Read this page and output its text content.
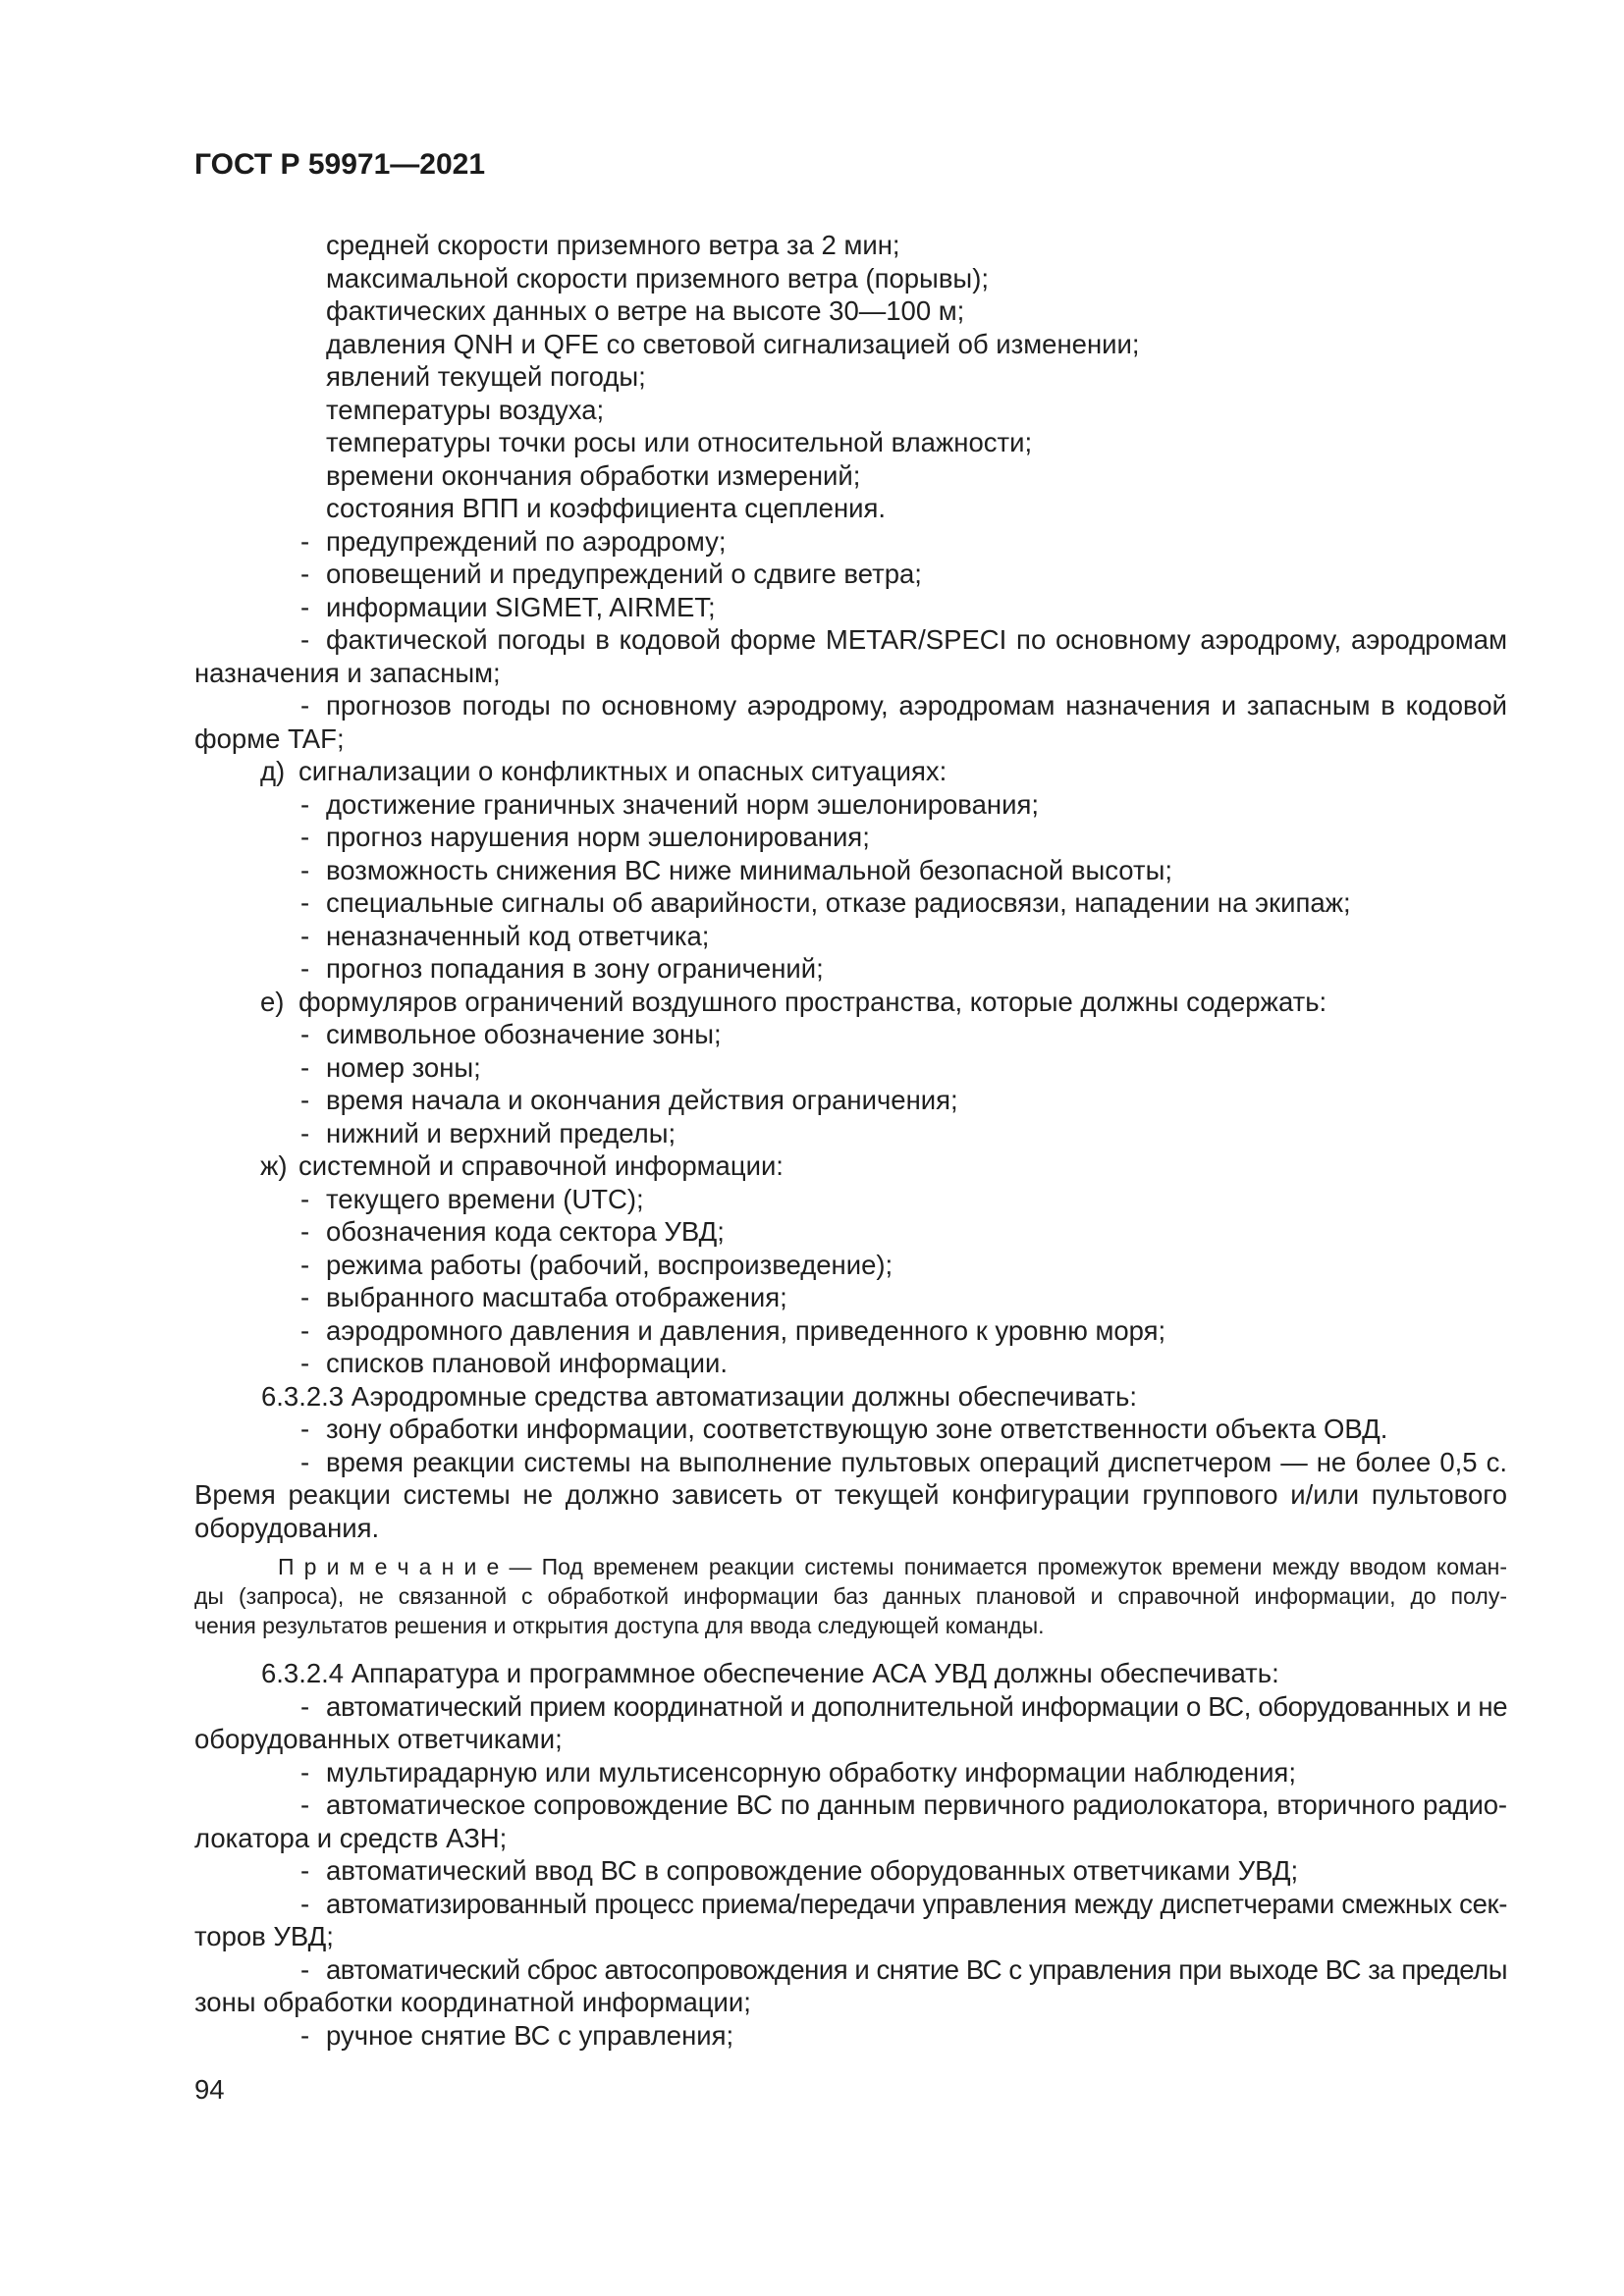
ГОСТ Р 59971—2021
средней скорости приземного ветра за 2 мин;
максимальной скорости приземного ветра (порывы);
фактических данных о ветре на высоте 30—100 м;
давления QNH и QFE со световой сигнализацией об изменении;
явлений текущей погоды;
температуры воздуха;
температуры точки росы или относительной влажности;
времени окончания обработки измерений;
состояния ВПП и коэффициента сцепления.
- предупреждений по аэродрому;
- оповещений и предупреждений о сдвиге ветра;
- информации SIGMET, AIRMET;
- фактической погоды в кодовой форме METAR/SPECI по основному аэродрому, аэродромам
назначения и запасным;
- прогнозов погоды по основному аэродрому, аэродромам назначения и запасным в кодовой
форме TAF;
д) сигнализации о конфликтных и опасных ситуациях:
- достижение граничных значений норм эшелонирования;
- прогноз нарушения норм эшелонирования;
- возможность снижения ВС ниже минимальной безопасной высоты;
- специальные сигналы об аварийности, отказе радиосвязи, нападении на экипаж;
- неназначенный код ответчика;
- прогноз попадания в зону ограничений;
е) формуляров ограничений воздушного пространства, которые должны содержать:
- символьное обозначение зоны;
- номер зоны;
- время начала и окончания действия ограничения;
- нижний и верхний пределы;
ж) системной и справочной информации:
- текущего времени (UTC);
- обозначения кода сектора УВД;
- режима работы (рабочий, воспроизведение);
- выбранного масштаба отображения;
- аэродромного давления и давления, приведенного к уровню моря;
- списков плановой информации.
6.3.2.3 Аэродромные средства автоматизации должны обеспечивать:
- зону обработки информации, соответствующую зоне ответственности объекта ОВД.
- время реакции системы на выполнение пультовых операций диспетчером — не более 0,5 с.
Время реакции системы не должно зависеть от текущей конфигурации группового и/или пультового
оборудования.
П р и м е ч а н и е — Под временем реакции системы понимается промежуток времени между вводом коман-
ды (запроса), не связанной с обработкой информации баз данных плановой и справочной информации, до полу-
чения результатов решения и открытия доступа для ввода следующей команды.
6.3.2.4 Аппаратура и программное обеспечение АСА УВД должны обеспечивать:
- автоматический прием координатной и дополнительной информации о ВС, оборудованных и не
оборудованных ответчиками;
- мультирадарную или мультисенсорную обработку информации наблюдения;
- автоматическое сопровождение ВС по данным первичного радиолокатора, вторичного радио-
локатора и средств АЗН;
- автоматический ввод ВС в сопровождение оборудованных ответчиками УВД;
- автоматизированный процесс приема/передачи управления между диспетчерами смежных сек-
торов УВД;
- автоматический сброс автосопровождения и снятие ВС с управления при выходе ВС за пределы
зоны обработки координатной информации;
- ручное снятие ВС с управления;
94
